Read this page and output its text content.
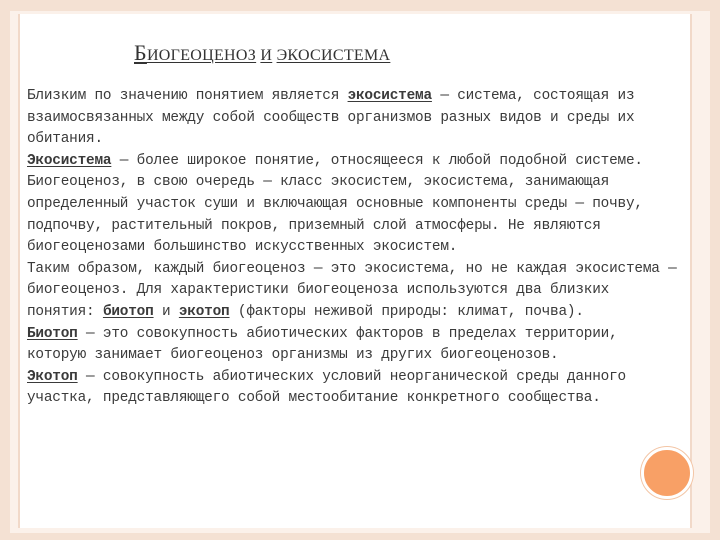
БИОГЕОЦЕНОЗ И ЭКОСИСТЕМА

Близким по значению понятием является экосистема — система, состоящая из взаимосвязанных между собой сообществ организмов разных видов и среды их обитания.

Экосистема — более широкое понятие, относящееся к любой подобной системе. Биогеоценоз, в свою очередь — класс экосистем, экосистема, занимающая определенный участок суши и включающая основные компоненты среды — почву, подпочву, растительный покров, приземный слой атмосферы. Не являются биогеоценозами большинство искусственных экосистем.

Таким образом, каждый биогеоценоз — это экосистема, но не каждая экосистема — биогеоценоз. Для характеристики биогеоценоза используются два близких понятия: биотоп и экотоп (факторы неживой природы: климат, почва).

Биотоп — это совокупность абиотических факторов в пределах территории, которую занимает биогеоценоз организмы из других биогеоценозов.

Экотоп — совокупность абиотических условий неорганической среды данного участка, представляющего собой местообитание конкретного сообщества.
